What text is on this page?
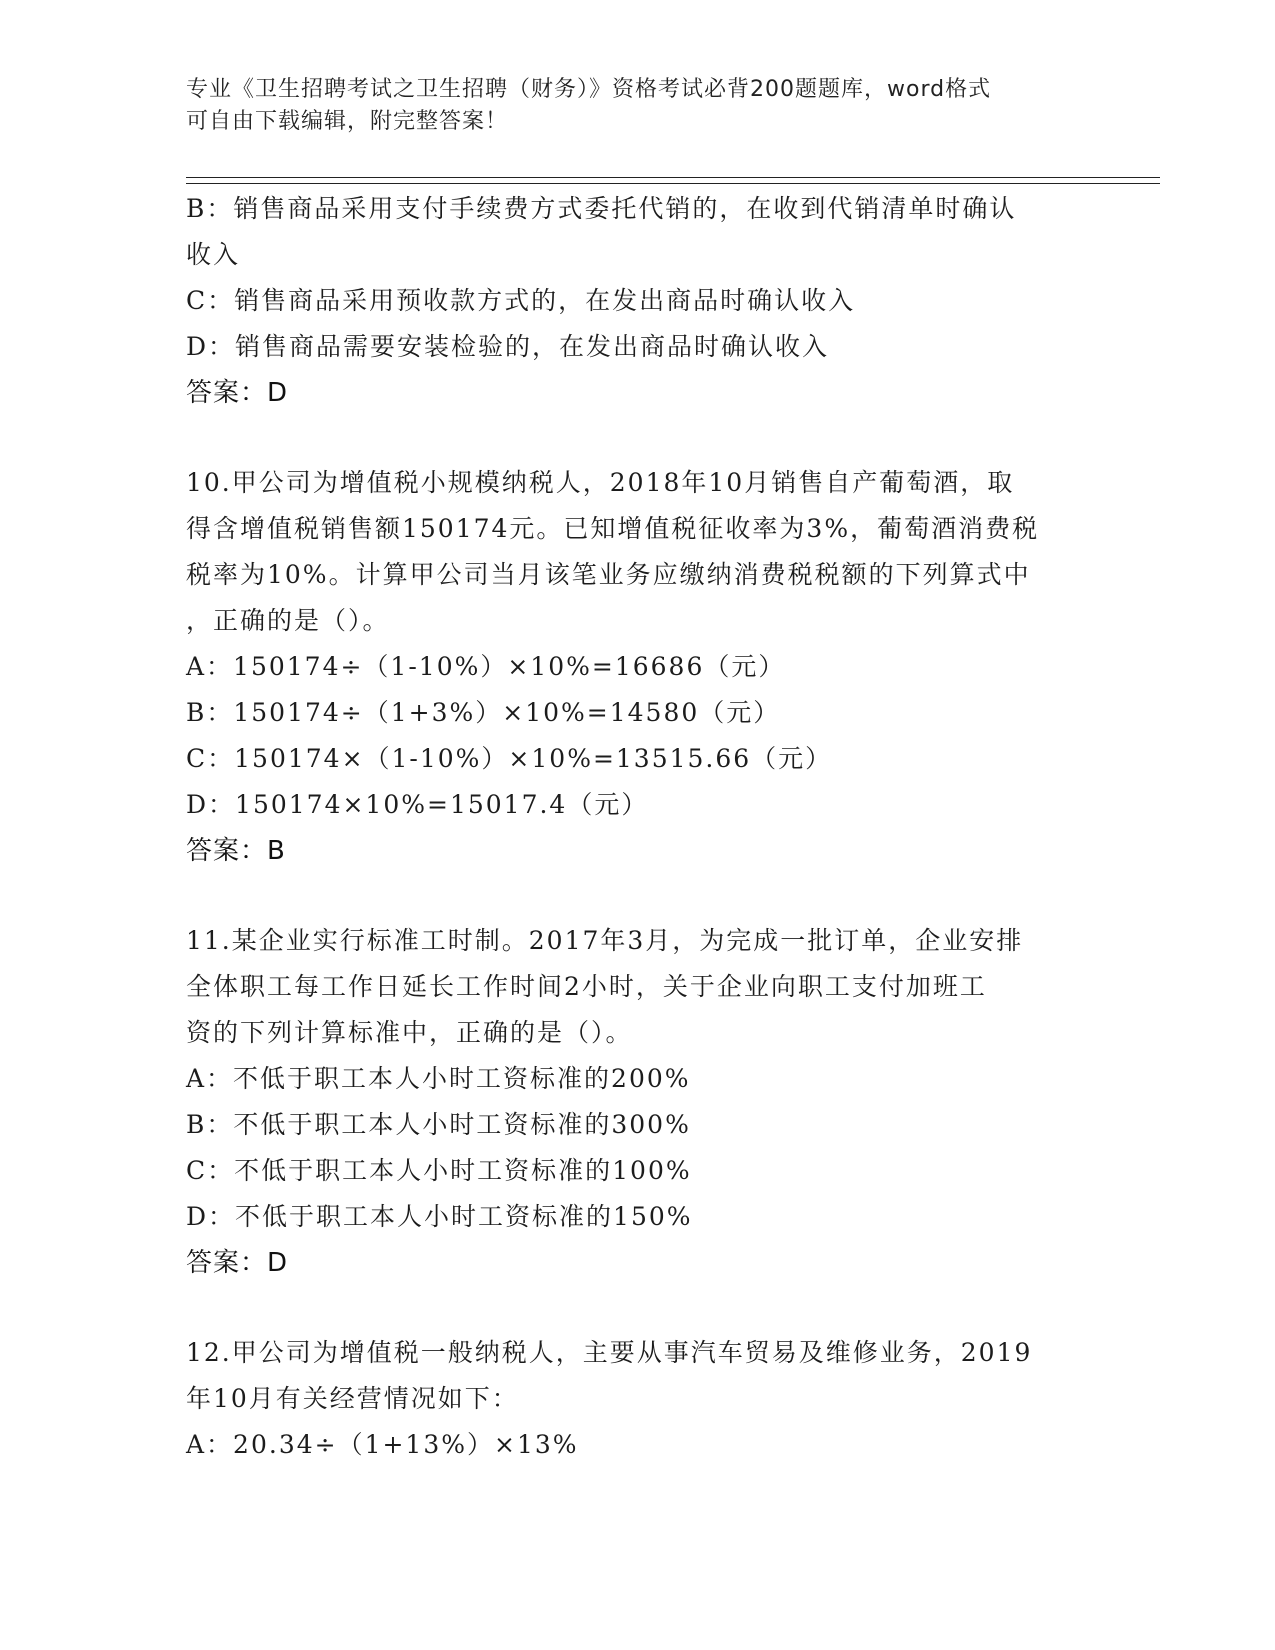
专业《卫生招聘考试之卫生招聘（财务）》资格考试必背200题题库，word格式
可自由下载编辑，附完整答案！
B：销售商品采用支付手续费方式委托代销的，在收到代销清单时确认
收入
C：销售商品采用预收款方式的，在发出商品时确认收入
D：销售商品需要安装检验的，在发出商品时确认收入
答案：D
10.甲公司为增值税小规模纳税人，2018年10月销售自产葡萄酒，取
得含增值税销售额150174元。已知增值税征收率为3%，葡萄酒消费税
税率为10%。计算甲公司当月该笔业务应缴纳消费税税额的下列算式中
，正确的是（）。
A：150174÷（1-10%）×10%=16686（元）
B：150174÷（1+3%）×10%=14580（元）
C：150174×（1-10%）×10%=13515.66（元）
D：150174×10%=15017.4（元）
答案：B
11.某企业实行标准工时制。2017年3月，为完成一批订单，企业安排
全体职工每工作日延长工作时间2小时，关于企业向职工支付加班工
资的下列计算标准中，正确的是（）。
A：不低于职工本人小时工资标准的200%
B：不低于职工本人小时工资标准的300%
C：不低于职工本人小时工资标准的100%
D：不低于职工本人小时工资标准的150%
答案：D
12.甲公司为增值税一般纳税人，主要从事汽车贸易及维修业务，2019
年10月有关经营情况如下：
A：20.34÷（1+13%）×13%
